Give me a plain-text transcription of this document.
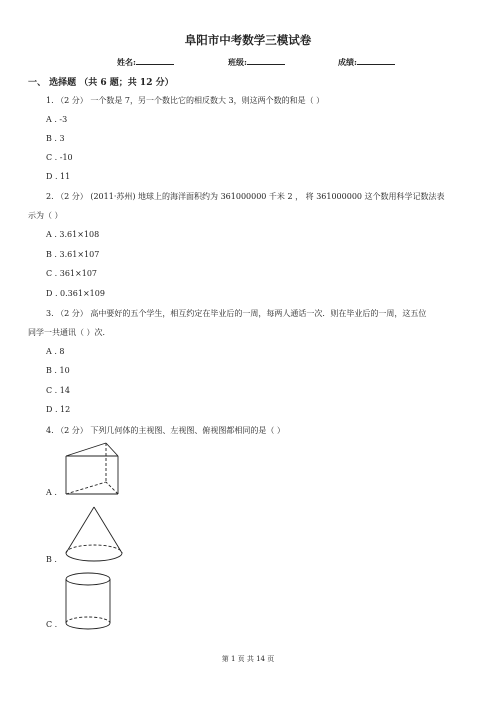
阜阳市中考数学三模试卷
姓名:	班级:	成绩:
一、 选择题 （共 6 题；共 12 分）
1. （2 分） 一个数是 7，另一个数比它的相反数大 3，则这两个数的和是（ ）
A . -3
B . 3
C . -10
D . 11
2. （2 分） (2011·苏州) 地球上的海洋面积约为 361000000 千米 2 ， 将 361000000 这个数用科学记数法表
示为（ ）
A . 3.61×108
B . 3.61×107
C . 361×107
D . 0.361×109
3. （2 分） 高中要好的五个学生，相互约定在毕业后的一周，每两人通话一次．则在毕业后的一周，这五位
同学一共通讯（ ）次．
A . 8
B . 10
C . 14
D . 12
4. （2 分） 下列几何体的主视图、左视图、俯视图都相同的是（ ）
A .
B .
C .
第 1 页 共 14 页
